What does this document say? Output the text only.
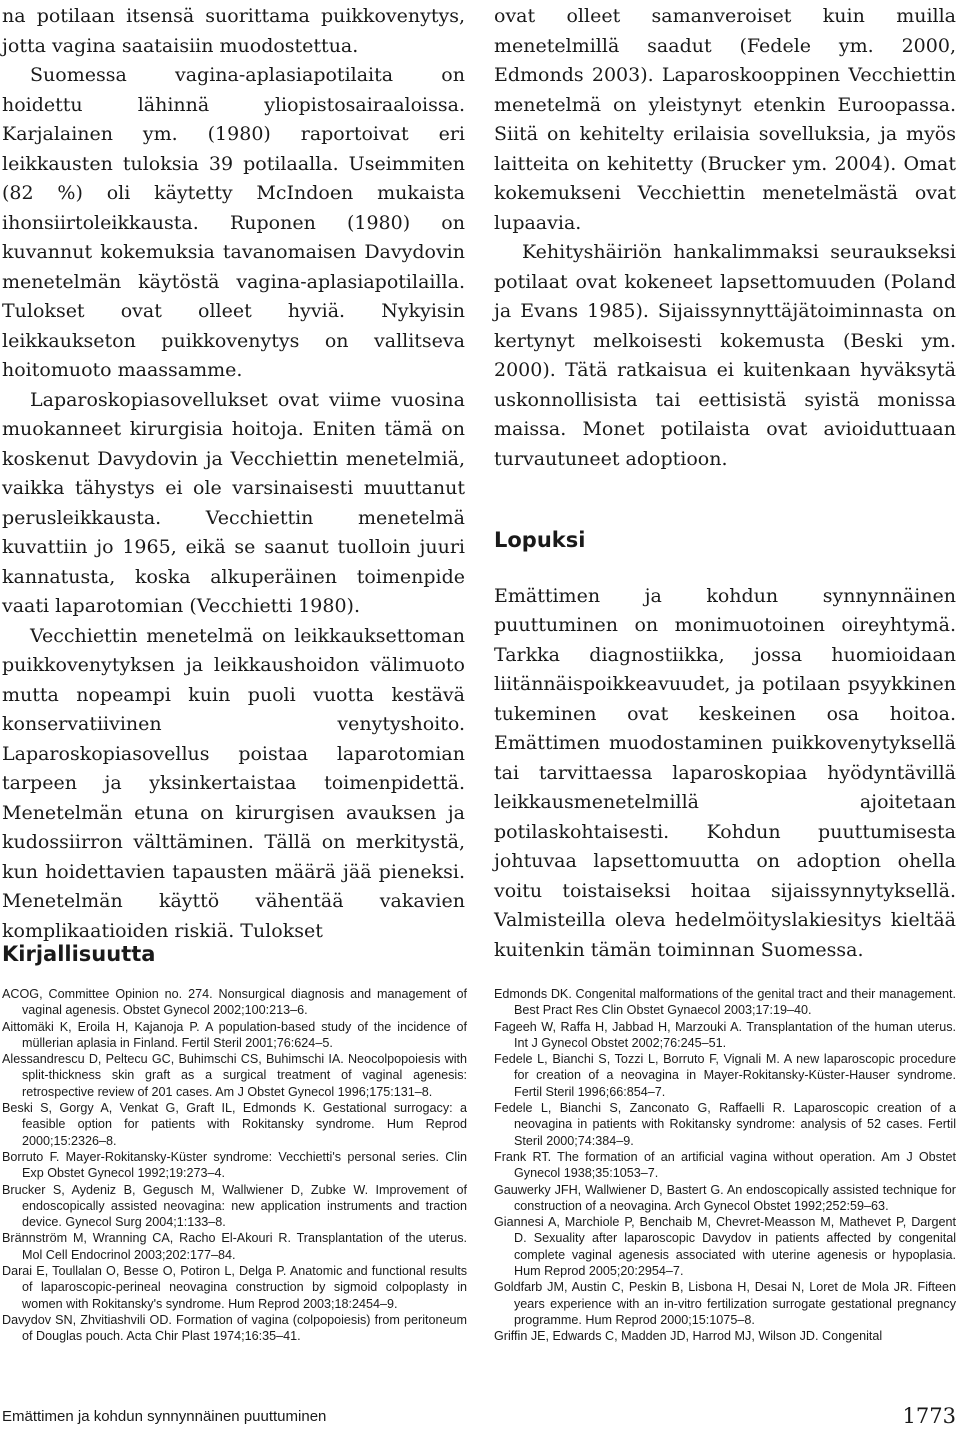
na potilaan itsensä suorittama puikkovenytys, jotta vagina saataisiin muodostettua.

Suomessa vagina-aplasiapotilaita on hoidettu lähinnä yliopistosairaaloissa. Karjalainen ym. (1980) raportoivat eri leikkausten tuloksia 39 potilaalla. Useimmiten (82 %) oli käytetty McIndoen mukaista ihonsiirtoleikkausta. Ruponen (1980) on kuvannut kokemuksia tavanomaisen Davydovin menetelmän käytöstä vagina-aplasiapotilailla. Tulokset ovat olleet hyviä. Nykyisin leikkaukseton puikkovenytys on vallitseva hoitomuoto maassamme.

Laparoskopiasovellukset ovat viime vuosina muokanneet kirurgisia hoitoja. Eniten tämä on koskenut Davydovin ja Vecchiettin menetelmiä, vaikka tähystys ei ole varsinaisesti muuttanut perusleikkausta. Vecchiettin menetelmä kuvattiin jo 1965, eikä se saanut tuolloin juuri kannatusta, koska alkuperäinen toimenpide vaati laparotomian (Vecchietti 1980).

Vecchiettin menetelmä on leikkauksettoman puikkovenytyksen ja leikkaushoidon välimuoto mutta nopeampi kuin puoli vuotta kestävä konservatiivinen venytyshoito. Laparoskopiasovellus poistaa laparotomian tarpeen ja yksinkertaistaa toimenpidettä. Menetelmän etuna on kirurgisen avauksen ja kudossiirron välttäminen. Tällä on merkitystä, kun hoidettavien tapausten määrä jää pieneksi. Menetelmän käyttö vähentää vakavien komplikaatioiden riskiä. Tulokset

ovat olleet samanveroiset kuin muilla menetelmillä saadut (Fedele ym. 2000, Edmonds 2003). Laparoskooppinen Vecchiettin menetelmä on yleistynyt etenkin Euroopassa. Siitä on kehitelty erilaisia sovelluksia, ja myös laitteita on kehitetty (Brucker ym. 2004). Omat kokemukseni Vecchiettin menetelmästä ovat lupaavia.

Kehityshäiriön hankalimmaksi seuraukseksi potilaat ovat kokeneet lapsettomuuden (Poland ja Evans 1985). Sijaissynnyttäjätoiminnasta on kertynyt melkoisesti kokemusta (Beski ym. 2000). Tätä ratkaisua ei kuitenkaan hyväksytä uskonnollisista tai eettisistä syistä monissa maissa. Monet potilaista ovat avioiduttuaan turvautuneet adoptioon.

Lopuksi

Emättimen ja kohdun synnynnäinen puuttuminen on monimuotoinen oireyhtymä. Tarkka diagnostiikka, jossa huomioidaan liitännäispoikkeavuudet, ja potilaan psyykkinen tukeminen ovat keskeinen osa hoitoa. Emättimen muodostaminen puikkovenytyksellä tai tarvittaessa laparoskopiaa hyödyntävillä leikkausmenetelmillä ajoitetaan potilaskohtaisesti. Kohdun puuttumisesta johtuvaa lapsettomuutta on adoption ohella voitu toistaiseksi hoitaa sijaissynnytyksellä. Valmisteilla oleva hedelmöityslakiesitys kieltää kuitenkin tämän toiminnan Suomessa.

Kirjallisuutta

ACOG, Committee Opinion no. 274. Nonsurgical diagnosis and management of vaginal agenesis. Obstet Gynecol 2002;100:213–6.

Aittomäki K, Eroila H, Kajanoja P. A population-based study of the incidence of müllerian aplasia in Finland. Fertil Steril 2001;76:624–5.

Alessandrescu D, Peltecu GC, Buhimschi CS, Buhimschi IA. Neocolpopoiesis with split-thickness skin graft as a surgical treatment of vaginal agenesis: retrospective review of 201 cases. Am J Obstet Gynecol 1996;175:131–8.

Beski S, Gorgy A, Venkat G, Graft IL, Edmonds K. Gestational surrogacy: a feasible option for patients with Rokitansky syndrome. Hum Reprod 2000;15:2326–8.

Borruto F. Mayer-Rokitansky-Küster syndrome: Vecchietti's personal series. Clin Exp Obstet Gynecol 1992;19:273–4.

Brucker S, Aydeniz B, Gegusch M, Wallwiener D, Zubke W. Improvement of endoscopically assisted neovagina: new application instruments and traction device. Gynecol Surg 2004;1:133–8.

Brännström M, Wranning CA, Racho El-Akouri R. Transplantation of the uterus. Mol Cell Endocrinol 2003;202:177–84.

Darai E, Toullalan O, Besse O, Potiron L, Delga P. Anatomic and functional results of laparoscopic-perineal neovagina construction by sigmoid colpoplasty in women with Rokitansky's syndrome. Hum Reprod 2003;18:2454–9.

Davydov SN, Zhvitiashvili OD. Formation of vagina (colpopoiesis) from peritoneum of Douglas pouch. Acta Chir Plast 1974;16:35–41.

Edmonds DK. Congenital malformations of the genital tract and their management. Best Pract Res Clin Obstet Gynaecol 2003;17:19–40.

Fageeh W, Raffa H, Jabbad H, Marzouki A. Transplantation of the human uterus. Int J Gynecol Obstet 2002;76:245–51.

Fedele L, Bianchi S, Tozzi L, Borruto F, Vignali M. A new laparoscopic procedure for creation of a neovagina in Mayer-Rokitansky-Küster-Hauser syndrome. Fertil Steril 1996;66:854–7.

Fedele L, Bianchi S, Zanconato G, Raffaelli R. Laparoscopic creation of a neovagina in patients with Rokitansky syndrome: analysis of 52 cases. Fertil Steril 2000;74:384–9.

Frank RT. The formation of an artificial vagina without operation. Am J Obstet Gynecol 1938;35:1053–7.

Gauwerky JFH, Wallwiener D, Bastert G. An endoscopically assisted technique for construction of a neovagina. Arch Gynecol Obstet 1992;252:59–63.

Giannesi A, Marchiole P, Benchaib M, Chevret-Measson M, Mathevet P, Dargent D. Sexuality after laparoscopic Davydov in patients affected by congenital complete vaginal agenesis associated with uterine agenesis or hypoplasia. Hum Reprod 2005;20:2954–7.

Goldfarb JM, Austin C, Peskin B, Lisbona H, Desai N, Loret de Mola JR. Fifteen years experience with an in-vitro fertilization surrogate gestational pregnancy programme. Hum Reprod 2000;15:1075–8.

Griffin JE, Edwards C, Madden JD, Harrod MJ, Wilson JD. Congenital

Emättimen ja kohdun synnynnäinen puuttuminen	1773
